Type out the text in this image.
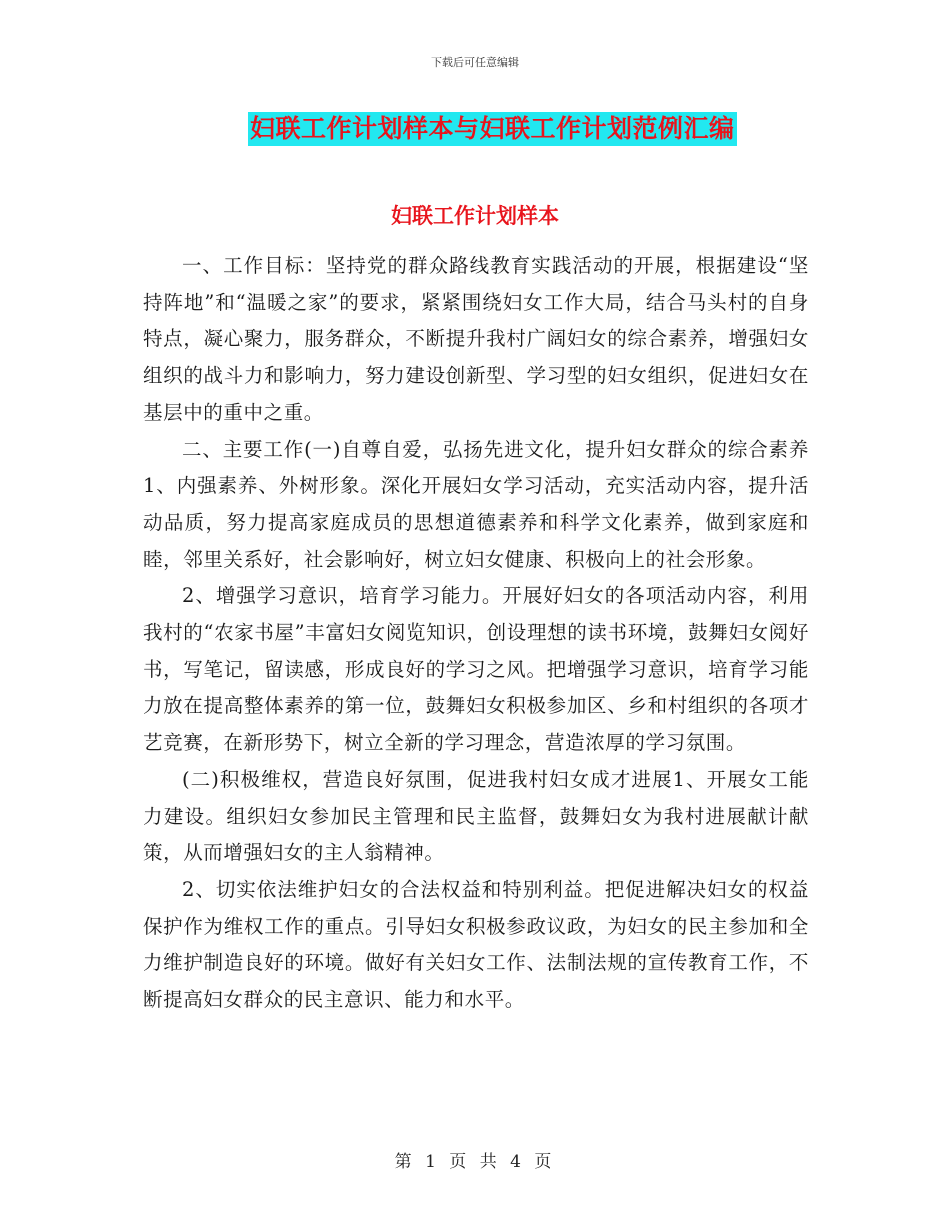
下载后可任意编辑
妇联工作计划样本与妇联工作计划范例汇编
妇联工作计划样本

一、工作目标：坚持党的群众路线教育实践活动的开展，根据建设“坚持阵地”和“温暖之家”的要求，紧紧围绕妇女工作大局，结合马头村的自身特点，凝心聚力，服务群众，不断提升我村广阔妇女的综合素养，增强妇女组织的战斗力和影响力，努力建设创新型、学习型的妇女组织，促进妇女在基层中的重中之重。

二、主要工作(一)自尊自爱，弘扬先进文化，提升妇女群众的综合素养1、内强素养、外树形象。深化开展妇女学习活动，充实活动内容，提升活动品质，努力提高家庭成员的思想道德素养和科学文化素养，做到家庭和睦，邻里关系好，社会影响好，树立妇女健康、积极向上的社会形象。

2、增强学习意识，培育学习能力。开展好妇女的各项活动内容，利用我村的“农家书屋”丰富妇女阅览知识，创设理想的读书环境，鼓舞妇女阅好书，写笔记，留读感，形成良好的学习之风。把增强学习意识，培育学习能力放在提高整体素养的第一位，鼓舞妇女积极参加区、乡和村组织的各项才艺竞赛，在新形势下，树立全新的学习理念，营造浓厚的学习氛围。

(二)积极维权，营造良好氛围，促进我村妇女成才进展1、开展女工能力建设。组织妇女参加民主管理和民主监督，鼓舞妇女为我村进展献计献策，从而增强妇女的主人翁精神。

2、切实依法维护妇女的合法权益和特别利益。把促进解决妇女的权益保护作为维权工作的重点。引导妇女积极参政议政，为妇女的民主参加和全力维护制造良好的环境。做好有关妇女工作、法制法规的宣传教育工作，不断提高妇女群众的民主意识、能力和水平。

第 1 页 共 4 页
